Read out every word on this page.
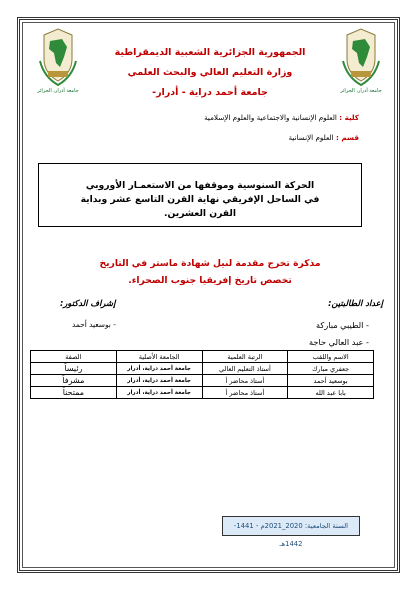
جامعة أدرار، الجزائر	جامعة أدرار، الجزائر
الجمهورية الجزائرية الشعبية الديمقراطية
وزارة التعليم العالي والبحث العلمي
جامعة أحمد دراية - أدرار-
كلية : العلوم الإنسانية والاجتماعية والعلوم الإسلامية
قسم : العلوم الإنسانية
الحركة السنوسية وموقفها من الاستعمـار الأوروبي
في الساحل الإفريقي نهاية القرن التاسع عشر وبداية
القرن العشرين.
مذكرة تخرج مقدمة لنيل شهادة ماستر في التاريخ
تخصص تاريخ إفريقيا جنوب الصحراء.
إعداد الطالبتين:
- الطيبي مباركة
- عبد العالي حاجة
إشراف الدكتور:
- بوسعيد أحمد
الاسم واللقب	الرتبة العلمية	الجامعة الأصلية	الصفة
جعفري مبارك	أستاذ التعليم العالي	جامعة أحمد دراية، أدرار	رئيساً
بوسعيد أحمد	أستاذ محاضر أ	جامعة أحمد دراية، أدرار	مشرفاً
بابا عبد الله	أستاذ محاضر أ	جامعة أحمد دراية، أدرار	ممتحناً
السنة الجامعية: 2020_2021م - 1441-1442هـ
